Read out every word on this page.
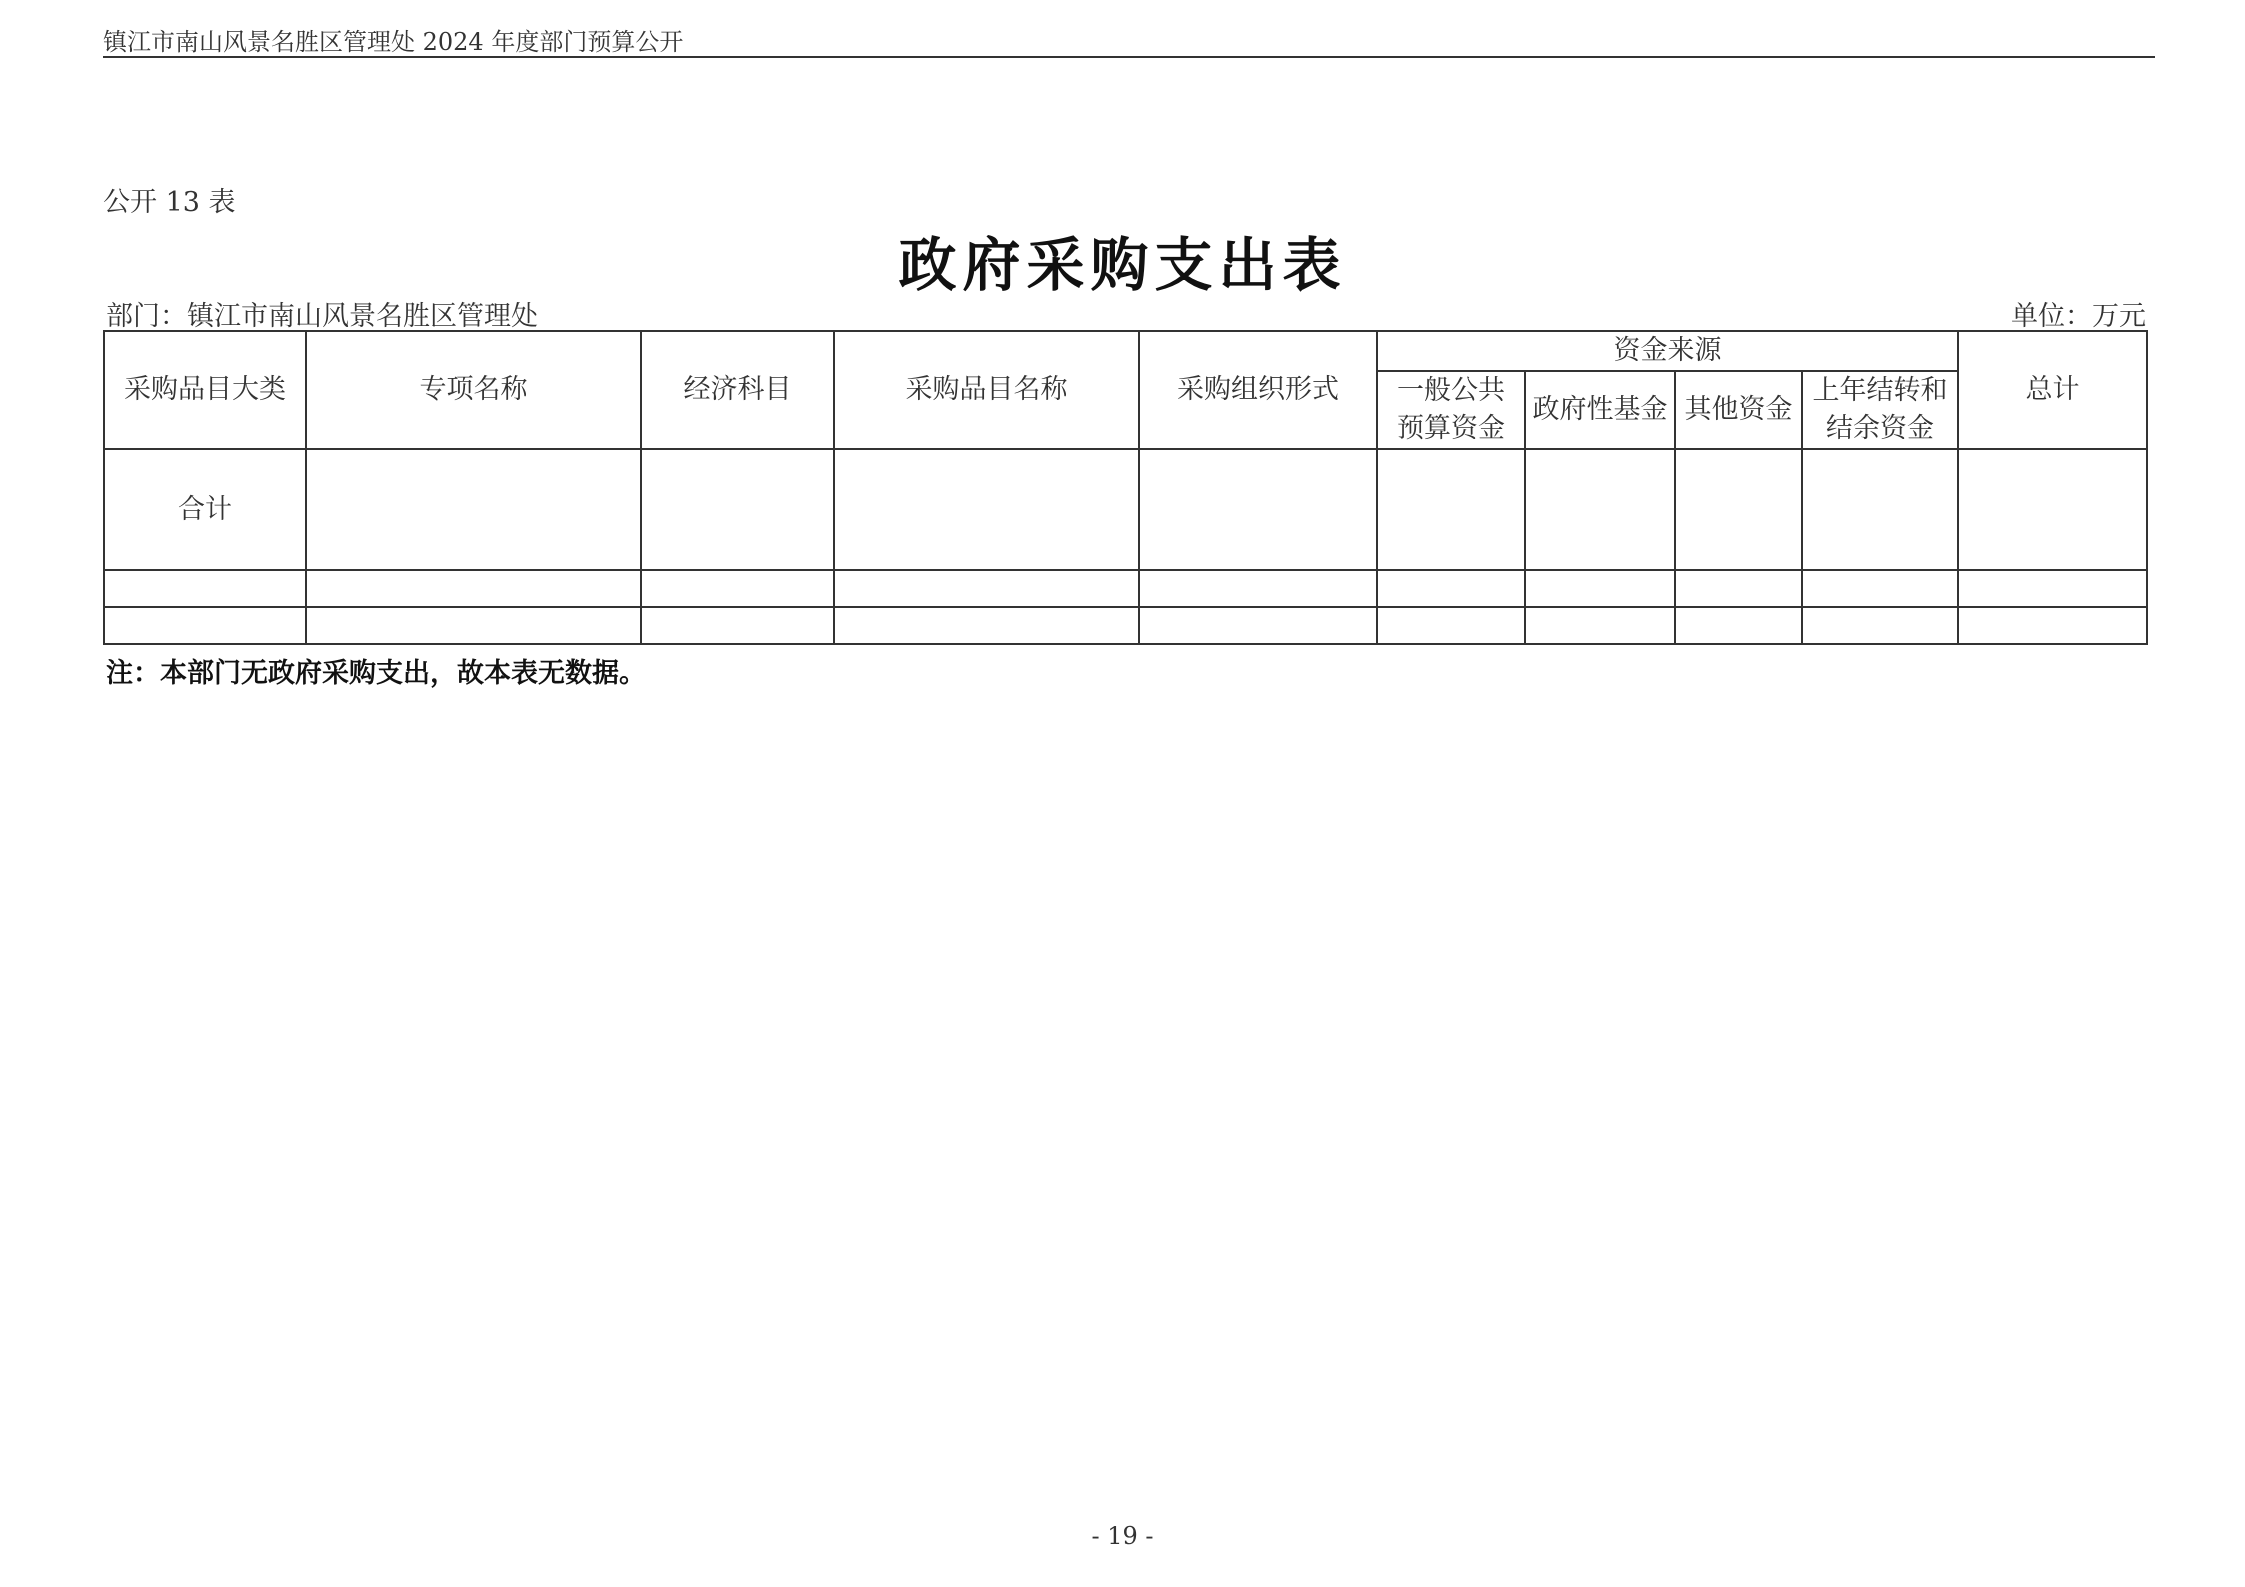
镇江市南山风景名胜区管理处 2024 年度部门预算公开
公开 13 表
政府采购支出表
部门：镇江市南山风景名胜区管理处	单位：万元
采购品目大类	专项名称	经济科目	采购品目名称	采购组织形式	资金来源				总计
					一般公共预算资金	政府性基金	其他资金	上年结转和结余资金	
合计									

注：本部门无政府采购支出，故本表无数据。
- 19 -
